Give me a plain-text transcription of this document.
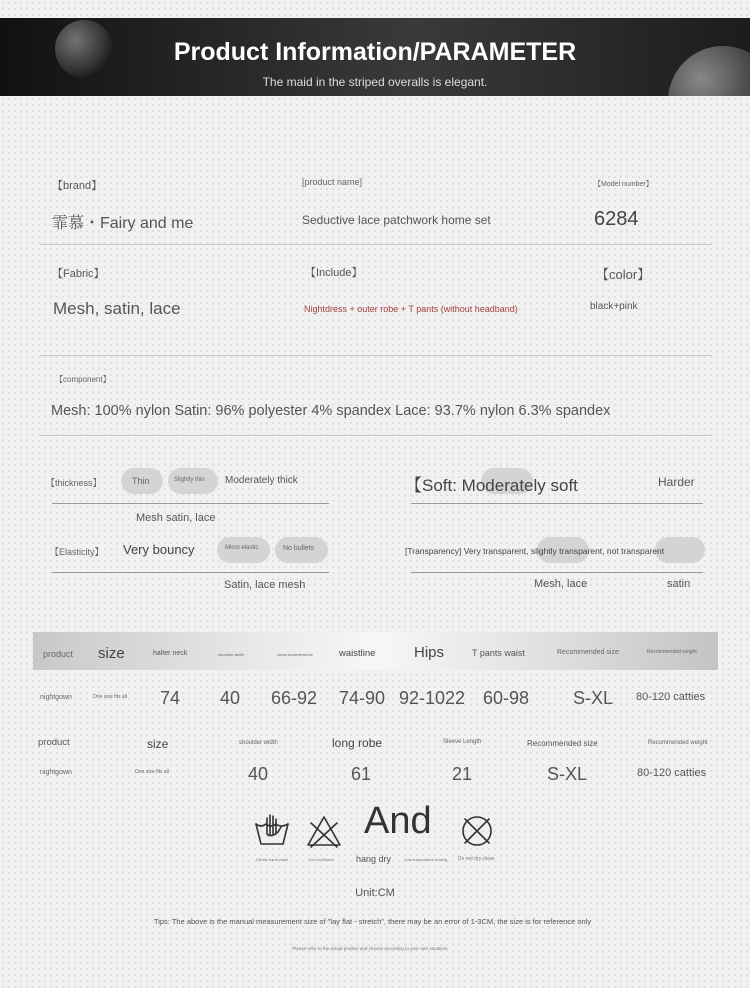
Product Information/PARAMETER
The maid in the striped overalls is elegant.
【brand】
霏慕・Fairy and me
[product name]
Seductive lace patchwork home set
【Model number】
6284
【Fabric】
Mesh, satin, lace
【Include】
Nightdress + outer robe + T pants (without headband)
【color】
black+pink
【component】
Mesh: 100% nylon Satin: 96% polyester 4% spandex Lace: 93.7% nylon 6.3% spandex
【thickness】	Thin	Slightly thin Moderately thick
Mesh satin, lace
【Soft: Moderately soft	Harder
【Elasticity】 Very bouncy	Micro elastic	No bullets
Satin, lace mesh
[Transparency] Very transparent, slightly transparent, not transparent
Mesh, lace	satin
product size	halter neck	shoulder width	chest circumference	waistline	Hips	T pants waist	Recommended size	Recommended weight
nightgown	One size fits all 74 40 66-92 74-90 92-1022 60-98 S-XL 80-120 catties
product	size	shoulder width	long robe	Sleeve Length	Recommended size	Recommended weight
nightgown	One size fits all	40	61	21	S-XL	80-120 catties
Gentle hand wash	Do not bleach
And
hang dry	Low temperature ironing Do not dry clean
Unit:CM
Tips: The above is the manual measurement size of "lay flat - stretch", there may be an error of 1-3CM, the size is for reference only
Please refer to the actual product and choose according to your own situation!
